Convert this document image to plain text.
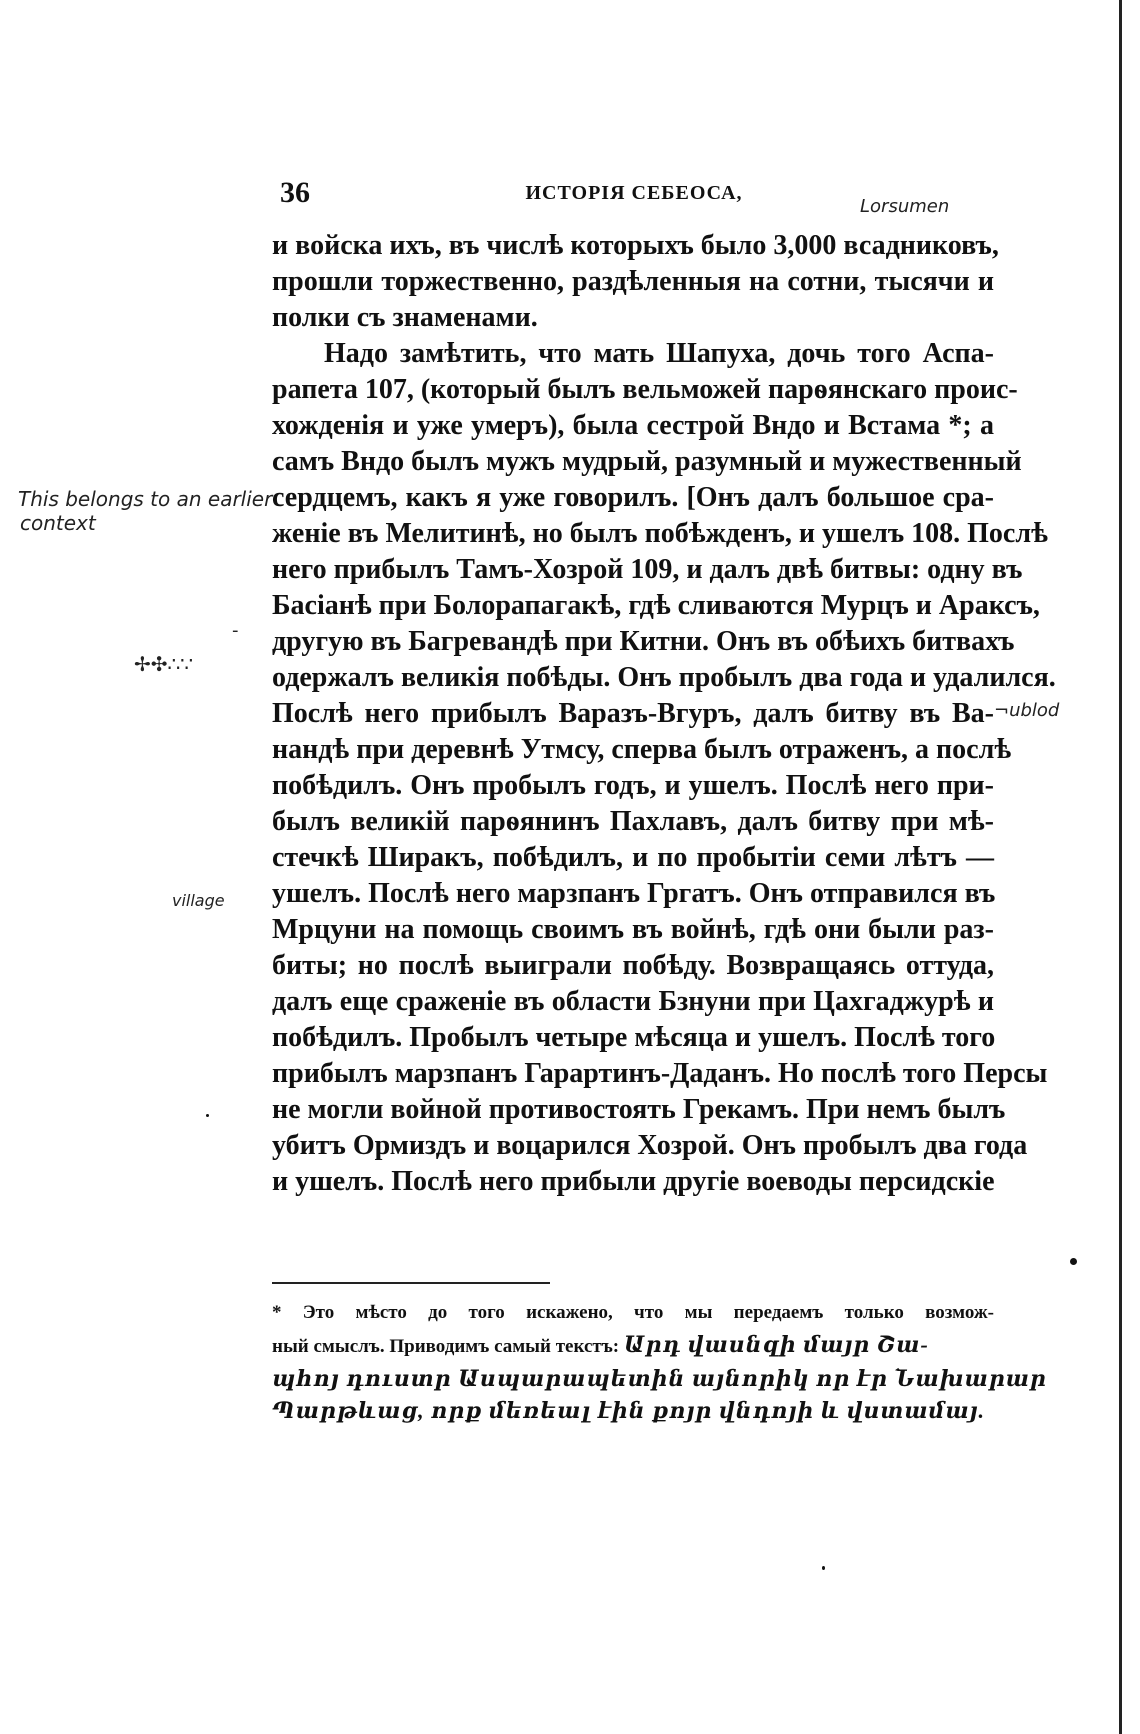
36	ИСТОРІЯ СЕБЕОСА,
Lorsumen
и войска ихъ, въ числѣ которыхъ было 3,000 всадниковъ,
прошли торжественно, раздѣленныя на сотни, тысячи и
полки съ знаменами.
Надо замѣтить, что мать Шапуха, дочь того Аспа-
рапета 107, (который былъ вельможей парѳянскаго проис-
хожденія и уже умеръ), была сестрой Вндо и Встама *; а
самъ Вндо былъ мужъ мудрый, разумный и мужественный
сердцемъ, какъ я уже говорилъ. [Онъ далъ большое сра-
женіе въ Мелитинѣ, но былъ побѣжденъ, и ушелъ 108. Послѣ
него прибылъ Тамъ-Хозрой 109, и далъ двѣ битвы: одну въ
Басіанѣ при Болорапагакѣ, гдѣ сливаются Мурцъ и Араксъ,
другую въ Багревандѣ при Китни. Онъ въ обѣихъ битвахъ
одержалъ великія побѣды. Онъ пробылъ два года и удалился.
Послѣ него прибылъ Варазъ-Вгуръ, далъ битву въ Ва-
нандѣ при деревнѣ Утмсу, сперва былъ отраженъ, а послѣ
побѣдилъ. Онъ пробылъ годъ, и ушелъ. Послѣ него при-
былъ великій парѳянинъ Пахлавъ, далъ битву при мѣ-
стечкѣ Ширакъ, побѣдилъ, и по пробытіи семи лѣтъ —
ушелъ. Послѣ него марзпанъ Гргатъ. Онъ отправился въ
Мрцуни на помощь своимъ въ войнѣ, гдѣ они были раз-
биты; но послѣ выиграли побѣду. Возвращаясь оттуда,
далъ еще сраженіе въ области Бзнуни при Цахгаджурѣ и
побѣдилъ. Пробылъ четыре мѣсяца и ушелъ. Послѣ того
прибылъ марзпанъ Гарартинъ-Даданъ. Но послѣ того Персы
не могли войной противостоять Грекамъ. При немъ былъ
убитъ Ормиздъ и воцарился Хозрой. Онъ пробылъ два года
и ушелъ. Послѣ него прибыли другіе воеводы персидскіе
This belongs to an earlier
context
✢✣∴∵
-
¬ublod
village
* Это мѣсто до того искажено, что мы передаемъ только возмож-
ный смыслъ. Приводимъ самый текстъ: Արդ վասնզի մայր Շա-
պհոյ դուստր Ասպարապետին այնորիկ որ էր Նախարար
Պարթևաց, որք մեռեալ էին քոյր վնդոյի և վստամայ.
